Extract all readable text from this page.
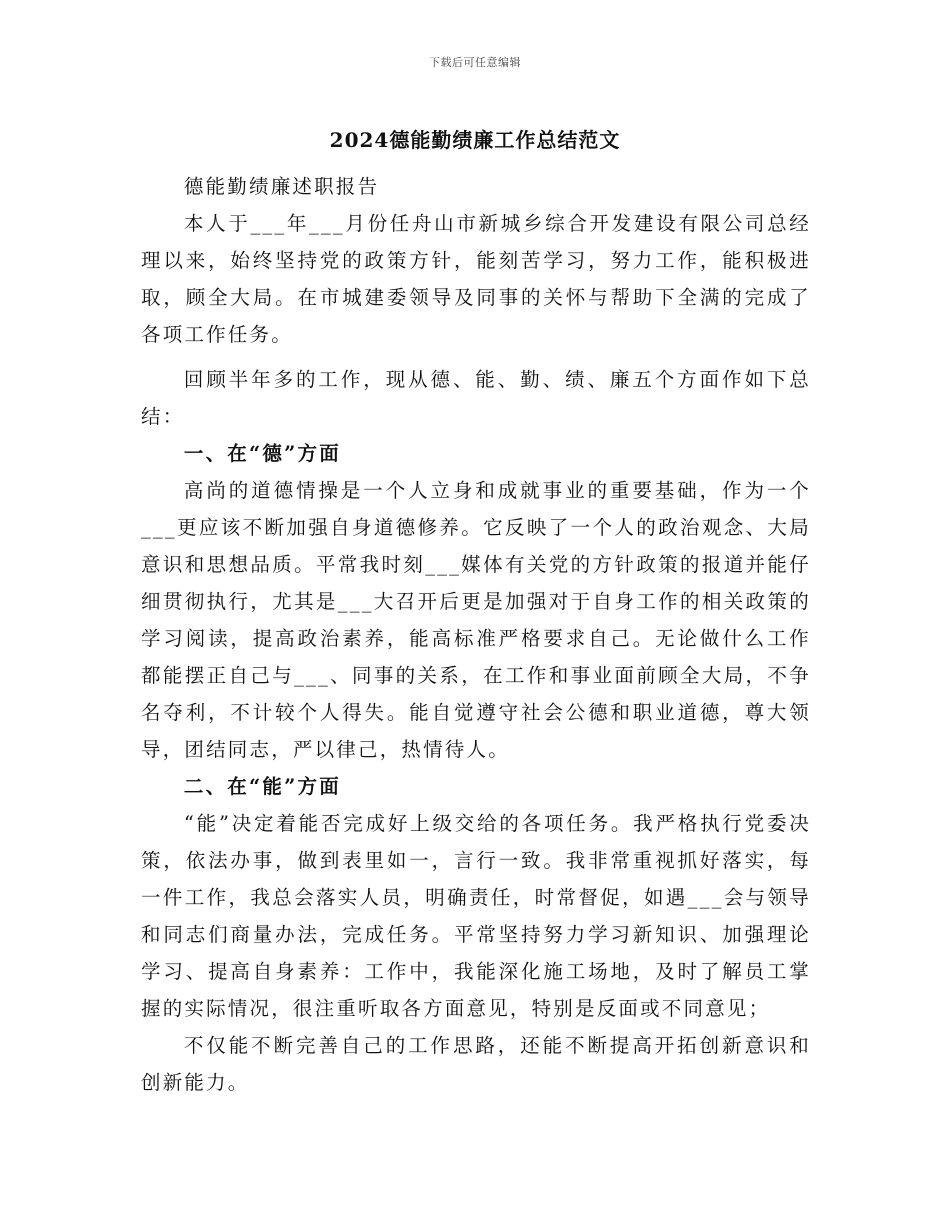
下载后可任意编辑
2024德能勤绩廉工作总结范文

德能勤绩廉述职报告

本人于___年___月份任舟山市新城乡综合开发建设有限公司总经理以来，始终坚持党的政策方针，能刻苦学习，努力工作，能积极进取，顾全大局。在市城建委领导及同事的关怀与帮助下全满的完成了各项工作任务。

回顾半年多的工作，现从德、能、勤、绩、廉五个方面作如下总结：

一、在“德”方面

高尚的道德情操是一个人立身和成就事业的重要基础，作为一个___更应该不断加强自身道德修养。它反映了一个人的政治观念、大局意识和思想品质。平常我时刻___媒体有关党的方针政策的报道并能仔细贯彻执行，尤其是___大召开后更是加强对于自身工作的相关政策的学习阅读，提高政治素养，能高标准严格要求自己。无论做什么工作都能摆正自己与___、同事的关系，在工作和事业面前顾全大局，不争名夺利，不计较个人得失。能自觉遵守社会公德和职业道德，尊大领导，团结同志，严以律己，热情待人。

二、在“能”方面

“能”决定着能否完成好上级交给的各项任务。我严格执行党委决策，依法办事，做到表里如一，言行一致。我非常重视抓好落实，每一件工作，我总会落实人员，明确责任，时常督促，如遇___会与领导和同志们商量办法，完成任务。平常坚持努力学习新知识、加强理论学习、提高自身素养：工作中，我能深化施工场地，及时了解员工掌握的实际情况，很注重听取各方面意见，特别是反面或不同意见；

不仅能不断完善自己的工作思路，还能不断提高开拓创新意识和创新能力。
